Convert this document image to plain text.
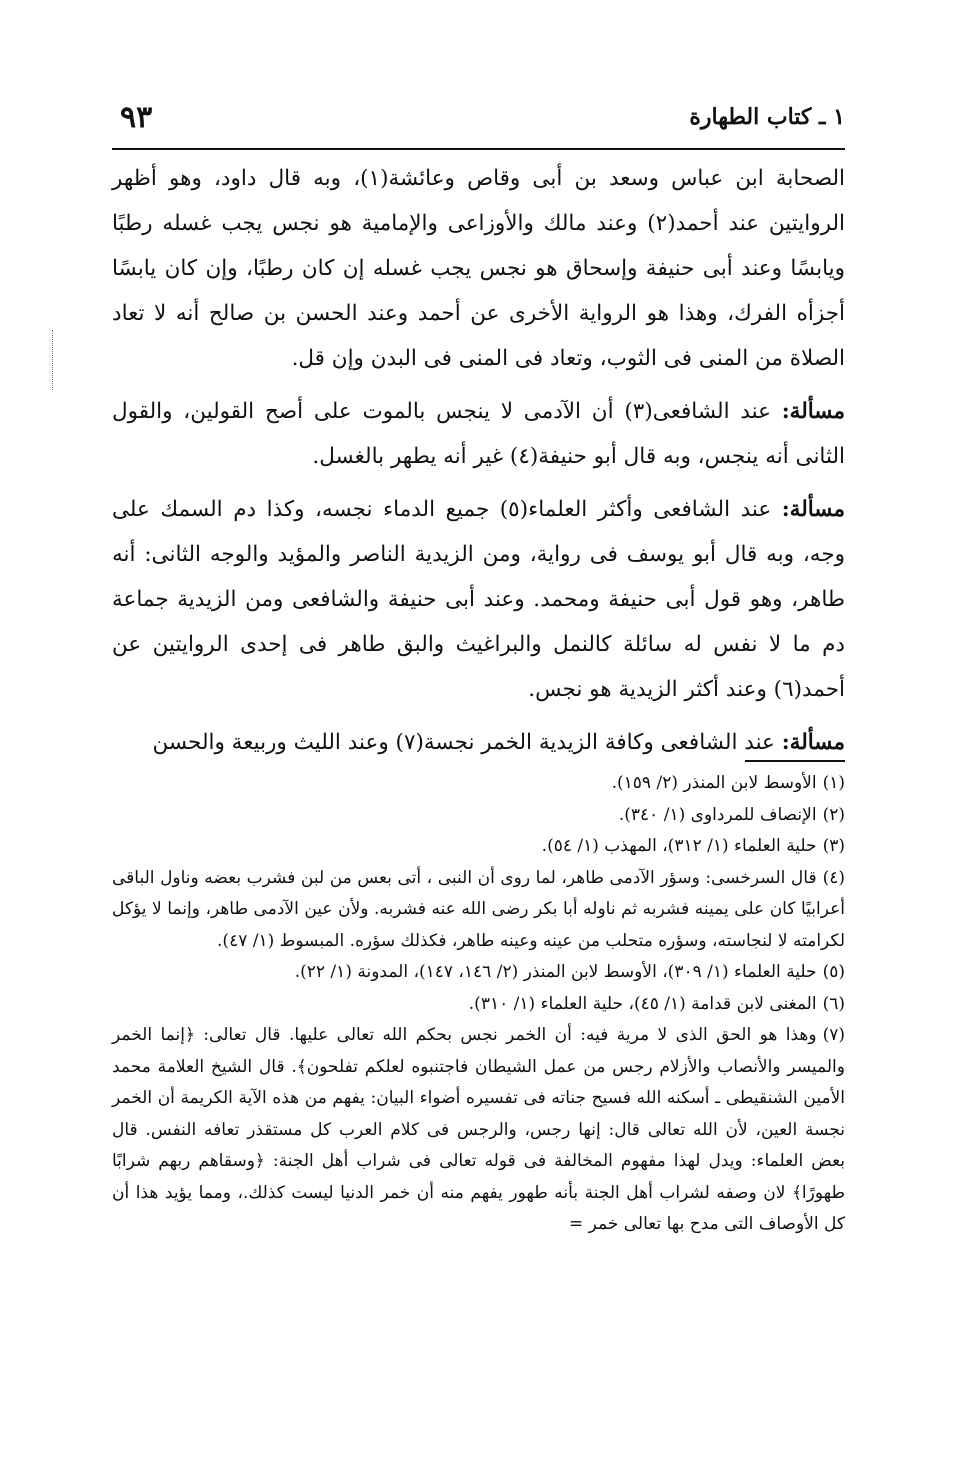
١ ـ كتاب الطهارة
٩٣

الصحابة ابن عباس وسعد بن أبى وقاص وعائشة(١)، وبه قال داود، وهو أظهر الروايتين عند أحمد(٢) وعند مالك والأوزاعى والإمامية هو نجس يجب غسله رطبًا ويابسًا وعند أبى حنيفة وإسحاق هو نجس يجب غسله إن كان رطبًا، وإن كان يابسًا أجزأه الفرك، وهذا هو الرواية الأخرى عن أحمد وعند الحسن بن صالح أنه لا تعاد الصلاة من المنى فى الثوب، وتعاد فى المنى فى البدن وإن قل.

مسألة: عند الشافعى(٣) أن الآدمى لا ينجس بالموت على أصح القولين، والقول الثانى أنه ينجس، وبه قال أبو حنيفة(٤) غير أنه يطهر بالغسل.

مسألة: عند الشافعى وأكثر العلماء(٥) جميع الدماء نجسه، وكذا دم السمك على وجه، وبه قال أبو يوسف فى رواية، ومن الزيدية الناصر والمؤيد والوجه الثانى: أنه طاهر، وهو قول أبى حنيفة ومحمد. وعند أبى حنيفة والشافعى ومن الزيدية جماعة دم ما لا نفس له سائلة كالنمل والبراغيث والبق طاهر فى إحدى الروايتين عن أحمد(٦) وعند أكثر الزيدية هو نجس.

مسألة: عند الشافعى وكافة الزيدية الخمر نجسة(٧) وعند الليث وربيعة والحسن

(١)الأوسط لابن المنذر (٢/ ١٥٩).
(٢)الإنصاف للمرداوى (١/ ٣٤٠).
(٣)حلية العلماء (١/ ٣١٢)، المهذب (١/ ٥٤).
(٤)قال السرخسى: وسؤر الآدمى طاهر، لما روى أن النبى ، أتى بعس من لبن فشرب بعضه وناول الباقى أعرابيًا كان على يمينه فشربه ثم ناوله أبا بكر رضى الله عنه فشربه. ولأن عين الآدمى طاهر، وإنما لا يؤكل لكرامته لا لنجاسته، وسؤره متحلب من عينه وعينه طاهر، فكذلك سؤره. المبسوط (١/ ٤٧).
(٥)حلية العلماء (١/ ٣٠٩)، الأوسط لابن المنذر (٢/ ١٤٦، ١٤٧)، المدونة (١/ ٢٢).
(٦)المغنى لابن قدامة (١/ ٤٥)، حلية العلماء (١/ ٣١٠).
(٧)وهذا هو الحق الذى لا مرية فيه: أن الخمر نجس بحكم الله تعالى عليها. قال تعالى: ﴿إنما الخمر والميسر والأنصاب والأزلام رجس من عمل الشيطان فاجتنبوه لعلكم تفلحون﴾. قال الشيخ العلامة محمد الأمين الشنقيطى ـ أسكنه الله فسيح جناته فى تفسيره أضواء البيان: يفهم من هذه الآية الكريمة أن الخمر نجسة العين، لأن الله تعالى قال: إنها رجس، والرجس فى كلام العرب كل مستقذر تعافه النفس. قال بعض العلماء: ويدل لهذا مفهوم المخالفة فى قوله تعالى فى شراب أهل الجنة: ﴿وسقاهم ربهم شرابًا طهورًا﴾ لان وصفه لشراب أهل الجنة بأنه طهور يفهم منه أن خمر الدنيا ليست كذلك.، ومما يؤيد هذا أن كل الأوصاف التى مدح بها تعالى خمر =
